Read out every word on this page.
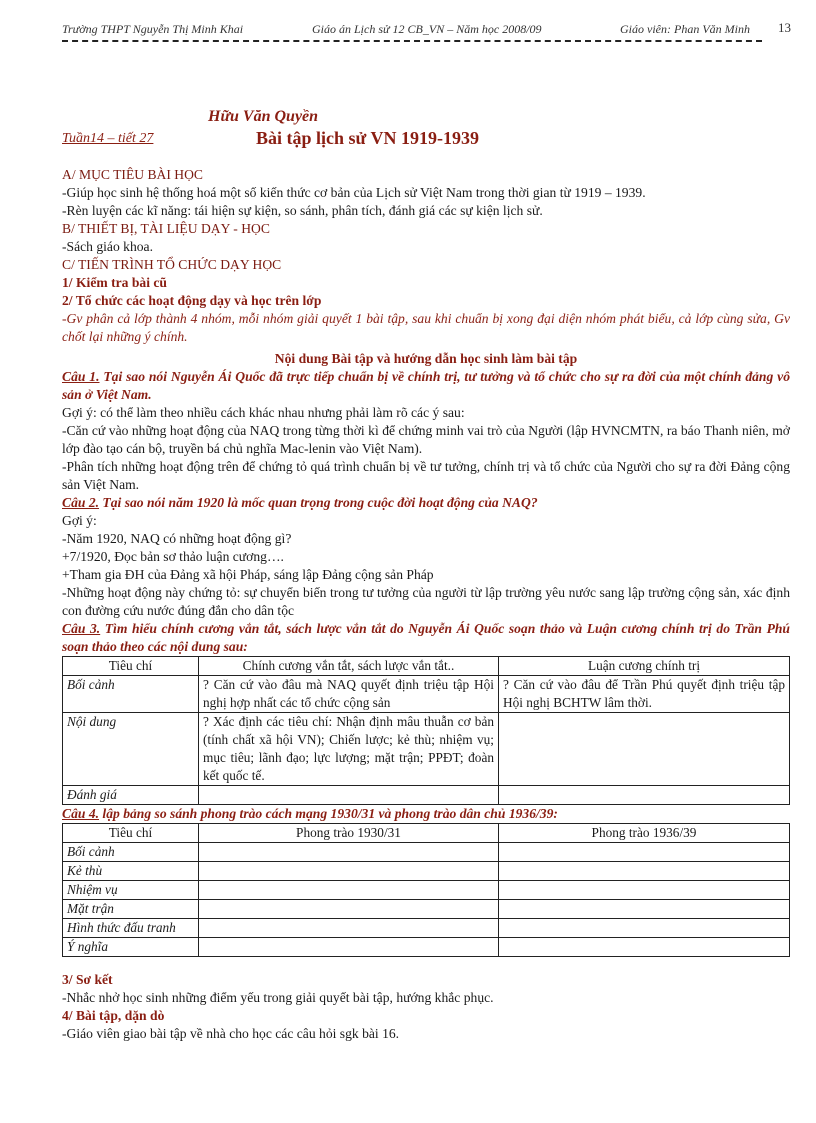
Trường THPT Nguyễn Thị Minh Khai	Giáo án Lịch sử 12 CB_VN – Năm học 2008/09	Giáo viên: Phan Văn Minh 13
Hữu Văn Quyền
Tuần14 – tiết 27	Bài tập lịch sử VN 1919-1939

A/ MỤC TIÊU BÀI HỌC

-Giúp học sinh hệ thống hoá một số kiến thức cơ bản của Lịch sử Việt Nam trong thời gian từ 1919 – 1939.

-Rèn luyện các kĩ năng: tái hiện sự kiện, so sánh, phân tích, đánh giá các sự kiện lịch sử.

B/ THIẾT BỊ, TÀI LIỆU DẠY - HỌC

-Sách giáo khoa.

C/ TIẾN TRÌNH TỔ CHỨC DẠY HỌC

1/ Kiểm tra bài cũ

2/ Tổ chức các hoạt động dạy và học trên lớp

-Gv phân cả lớp thành 4 nhóm, mỗi nhóm giải quyết 1 bài tập, sau khi chuẩn bị xong đại diện nhóm phát biểu, cả lớp cùng sửa, Gv chốt lại những ý chính.

Nội dung Bài tập và hướng dẫn học sinh làm bài tập

Câu 1. Tại sao nói Nguyễn Ái Quốc đã trực tiếp chuẩn bị về chính trị, tư tưởng và tổ chức cho sự ra đời của một chính đảng vô sản ở Việt Nam.

Gợi ý: có thể làm theo nhiều cách khác nhau nhưng phải làm rõ các ý sau:

-Căn cứ vào những hoạt động của NAQ trong từng thời kì để chứng minh vai trò của Người (lập HVNCMTN, ra báo Thanh niên, mở lớp đào tạo cán bộ, truyền bá chủ nghĩa Mac-lenin vào Việt Nam).

-Phân tích những hoạt động trên để chứng tỏ quá trình chuẩn bị về tư tưởng, chính trị và tổ chức của Người cho sự ra đời Đảng cộng sản Việt Nam.

Câu 2. Tại sao nói năm 1920 là mốc quan trọng trong cuộc đời hoạt động của NAQ?

Gợi ý:

-Năm 1920, NAQ có những hoạt động gì?

+7/1920, Đọc bản sơ thảo luận cương….

+Tham gia ĐH của Đảng xã hội Pháp, sáng lập Đảng cộng sản Pháp

-Những hoạt động này chứng tỏ: sự chuyển biến trong tư tưởng của người từ lập trường yêu nước sang lập trường cộng sản, xác định con đường cứu nước đúng đắn cho dân tộc

Câu 3. Tìm hiểu chính cương vắn tắt, sách lược vắn tắt do Nguyễn Ái Quốc soạn thảo và Luận cương chính trị do Trần Phú soạn thảo theo các nội dung sau:

Tiêu chí	Chính cương vắn tắt, sách lược vắn tắt..	Luận cương chính trị
Bối cảnh	? Căn cứ vào đâu mà NAQ quyết định triệu tập Hội nghị hợp nhất các tổ chức cộng sản	? Căn cứ vào đâu để Trần Phú quyết định triệu tập Hội nghị BCHTW lâm thời.
Nội dung	? Xác định các tiêu chí: Nhận định mâu thuẫn cơ bản (tính chất xã hội VN); Chiến lược; kẻ thù; nhiệm vụ; mục tiêu; lãnh đạo; lực lượng; mặt trận; PPĐT; đoàn kết quốc tế.	
Đánh giá		

Câu 4. lập bảng so sánh phong trào cách mạng 1930/31 và phong trào dân chủ 1936/39:

Tiêu chí	Phong trào 1930/31	Phong trào 1936/39
Bối cảnh		
Kẻ thù		
Nhiệm vụ		
Mặt trận		
Hình thức đấu tranh		
Ý nghĩa		

3/ Sơ kết

-Nhắc nhở học sinh những điểm yếu trong giải quyết bài tập, hướng khắc phục.

4/ Bài tập, dặn dò

-Giáo viên giao bài tập về nhà cho học các câu hỏi sgk bài 16.
